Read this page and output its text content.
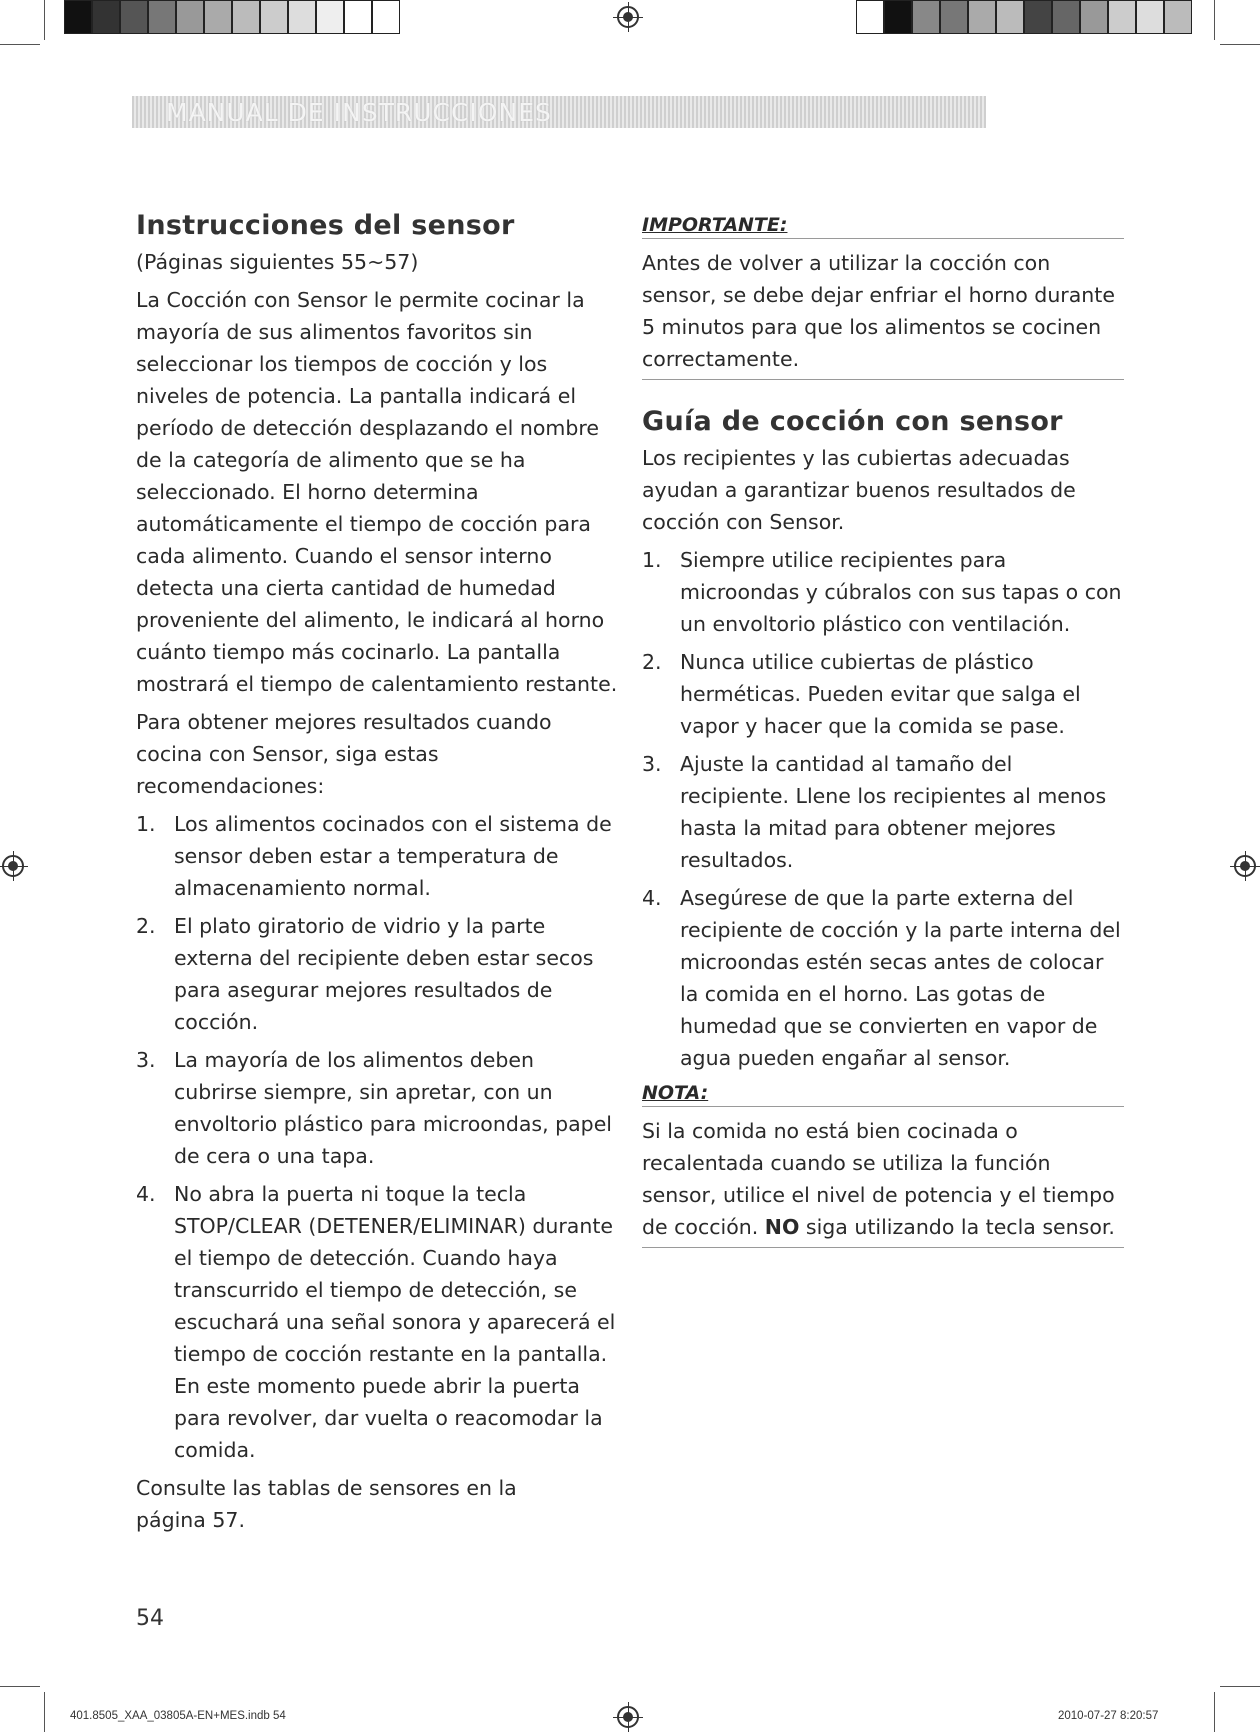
MANUAL DE INSTRUCCIONES
Instrucciones del sensor

(Páginas siguientes 55~57)

La Cocción con Sensor le permite cocinar la mayoría de sus alimentos favoritos sin seleccionar los tiempos de cocción y los niveles de potencia. La pantalla indicará el período de detección desplazando el nombre de la categoría de alimento que se ha seleccionado. El horno determina automáticamente el tiempo de cocción para cada alimento. Cuando el sensor interno detecta una cierta cantidad de humedad proveniente del alimento, le indicará al horno cuánto tiempo más cocinarlo. La pantalla mostrará el tiempo de calentamiento restante.

Para obtener mejores resultados cuando cocina con Sensor, siga estas recomendaciones:

1. Los alimentos cocinados con el sistema de sensor deben estar a temperatura de almacenamiento normal.
2. El plato giratorio de vidrio y la parte externa del recipiente deben estar secos para asegurar mejores resultados de cocción.
3. La mayoría de los alimentos deben cubrirse siempre, sin apretar, con un envoltorio plástico para microondas, papel de cera o una tapa.
4. No abra la puerta ni toque la tecla STOP/CLEAR (DETENER/ELIMINAR) durante el tiempo de detección. Cuando haya transcurrido el tiempo de detección, se escuchará una señal sonora y aparecerá el tiempo de cocción restante en la pantalla. En este momento puede abrir la puerta para revolver, dar vuelta o reacomodar la comida.

Consulte las tablas de sensores en la página 57.

IMPORTANTE:

Antes de volver a utilizar la cocción con sensor, se debe dejar enfriar el horno durante 5 minutos para que los alimentos se cocinen correctamente.

Guía de cocción con sensor

Los recipientes y las cubiertas adecuadas ayudan a garantizar buenos resultados de cocción con Sensor.

1. Siempre utilice recipientes para microondas y cúbralos con sus tapas o con un envoltorio plástico con ventilación.
2. Nunca utilice cubiertas de plástico herméticas. Pueden evitar que salga el vapor y hacer que la comida se pase.
3. Ajuste la cantidad al tamaño del recipiente. Llene los recipientes al menos hasta la mitad para obtener mejores resultados.
4. Asegúrese de que la parte externa del recipiente de cocción y la parte interna del microondas estén secas antes de colocar la comida en el horno. Las gotas de humedad que se convierten en vapor de agua pueden engañar al sensor.
NOTA:

Si la comida no está bien cocinada o recalentada cuando se utiliza la función sensor, utilice el nivel de potencia y el tiempo de cocción. NO siga utilizando la tecla sensor.

54
401.8505_XAA_03805A-EN+MES.indb 54	2010-07-27 8:20:57
